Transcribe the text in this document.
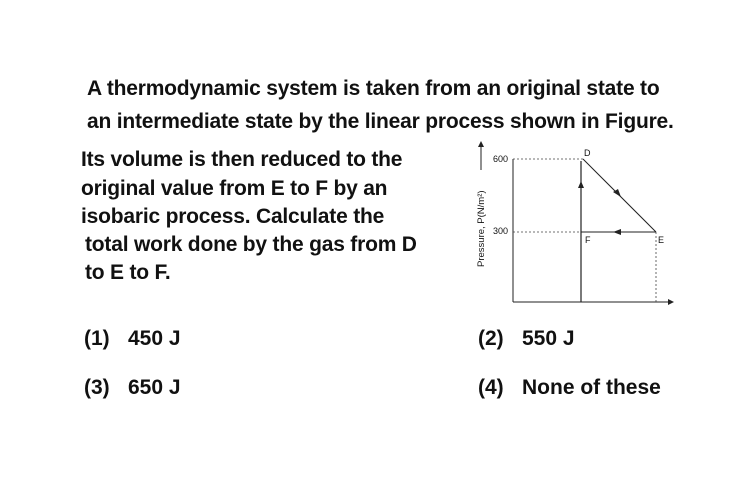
A thermodynamic system is taken from an original state to
an intermediate state by the linear process shown in Figure.
Its volume is then reduced to the
original value from E to F by an
isobaric process. Calculate the
total work done by the gas from D
to E to F.
Pressure, P(N/m²)
600
300
D
E
F
(1) 450 J	(2) 550 J
(3) 650 J	(4) None of these
